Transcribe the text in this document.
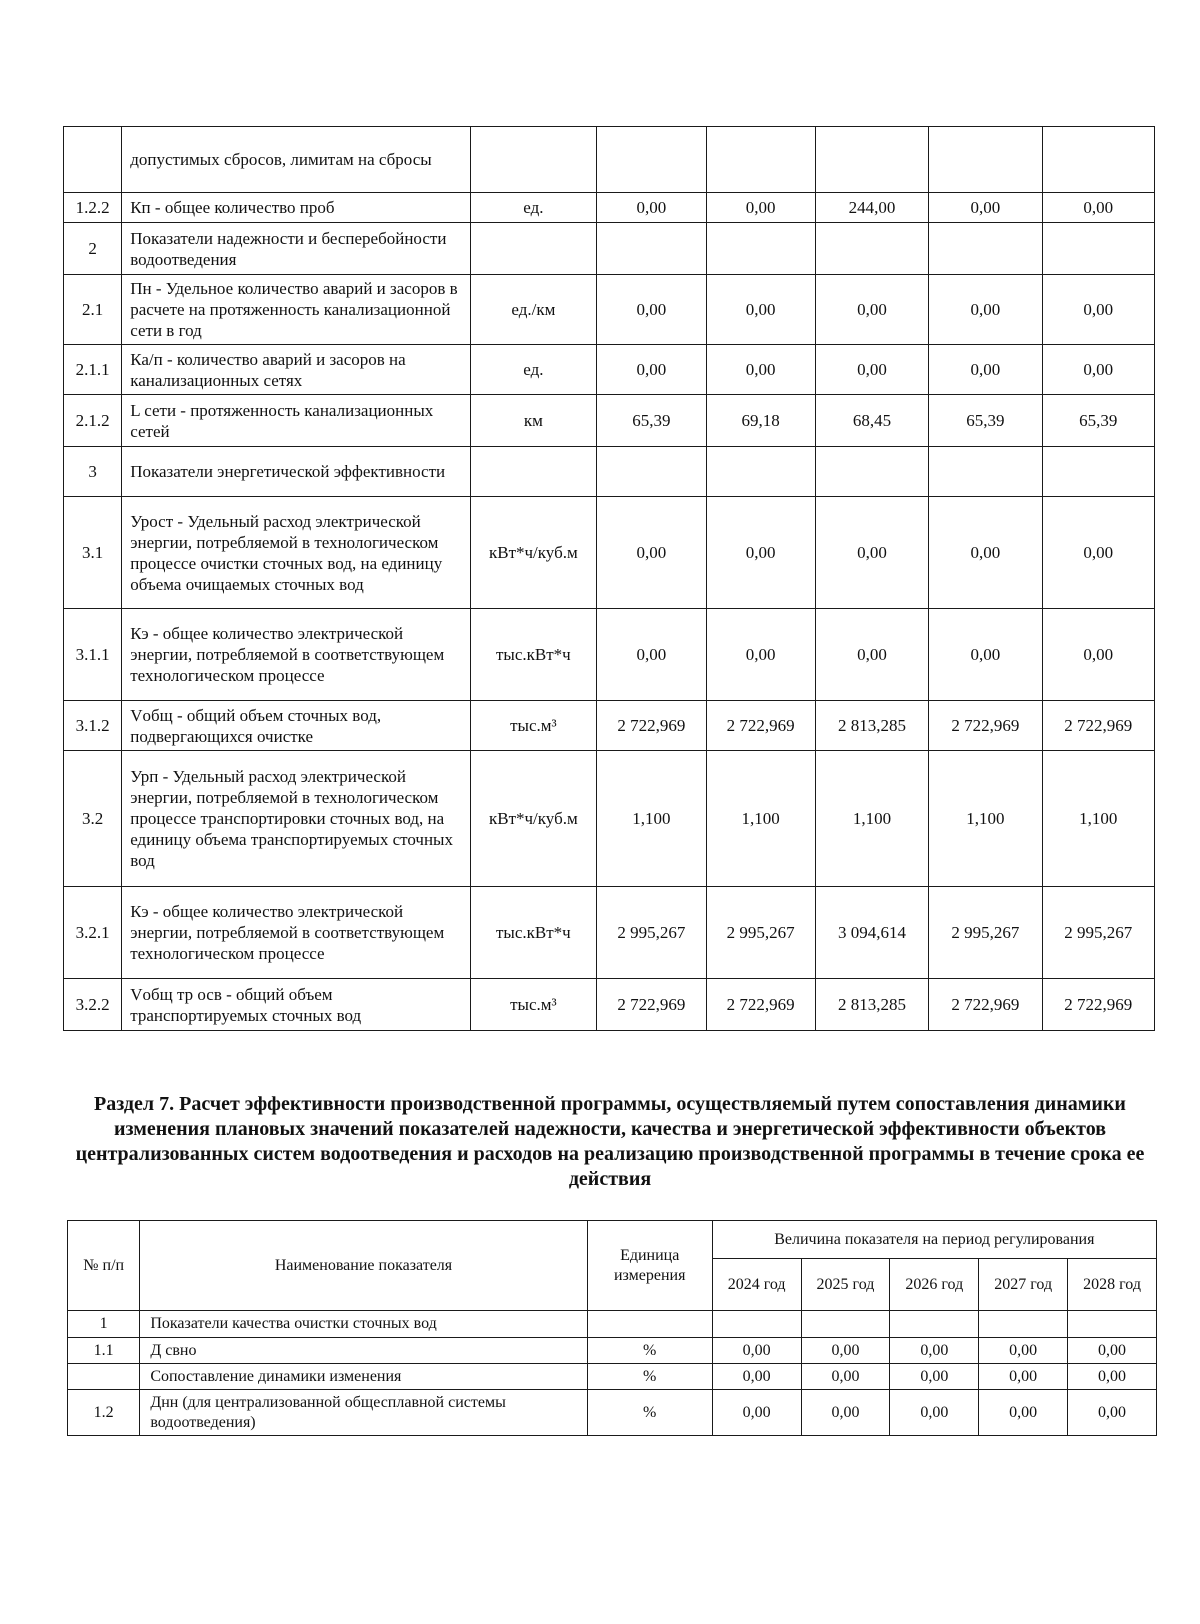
	допустимых сбросов, лимитам на сбросы						
1.2.2	Кп - общее количество проб	ед.	0,00	0,00	244,00	0,00	0,00
2	Показатели надежности и бесперебойности водоотведения						
2.1	Пн - Удельное количество аварий и засоров в расчете на протяженность канализационной сети в год	ед./км	0,00	0,00	0,00	0,00	0,00
2.1.1	Ка/п - количество аварий и засоров на канализационных сетях	ед.	0,00	0,00	0,00	0,00	0,00
2.1.2	L сети - протяженность канализационных сетей	км	65,39	69,18	68,45	65,39	65,39
3	Показатели энергетической эффективности						
3.1	Урост - Удельный расход электрической энергии, потребляемой в технологическом процессе очистки сточных вод, на единицу объема очищаемых сточных вод	кВт*ч/куб.м	0,00	0,00	0,00	0,00	0,00
3.1.1	Кэ - общее количество электрической энергии, потребляемой в соответствующем технологическом процессе	тыс.кВт*ч	0,00	0,00	0,00	0,00	0,00
3.1.2	Vобщ - общий объем сточных вод, подвергающихся очистке	тыс.м³	2 722,969	2 722,969	2 813,285	2 722,969	2 722,969
3.2	Урп - Удельный расход электрической энергии, потребляемой в технологическом процессе транспортировки сточных вод, на единицу объема транспортируемых сточных вод	кВт*ч/куб.м	1,100	1,100	1,100	1,100	1,100
3.2.1	Кэ - общее количество электрической энергии, потребляемой в соответствующем технологическом процессе	тыс.кВт*ч	2 995,267	2 995,267	3 094,614	2 995,267	2 995,267
3.2.2	Vобщ тр осв - общий объем транспортируемых сточных вод	тыс.м³	2 722,969	2 722,969	2 813,285	2 722,969	2 722,969
Раздел 7. Расчет эффективности производственной программы, осуществляемый путем сопоставления динамики изменения плановых значений показателей надежности, качества и энергетической эффективности объектов централизованных систем водоотведения и расходов на реализацию производственной программы в течение срока ее действия
№ п/п	Наименование показателя	Единица измерения	Величина показателя на период регулирования				
			2024 год	2025 год	2026 год	2027 год	2028 год
1	Показатели качества очистки сточных вод						
1.1	Д свно	%	0,00	0,00	0,00	0,00	0,00
	Сопоставление динамики изменения	%	0,00	0,00	0,00	0,00	0,00
1.2	Днн (для централизованной общесплавной системы водоотведения)	%	0,00	0,00	0,00	0,00	0,00
